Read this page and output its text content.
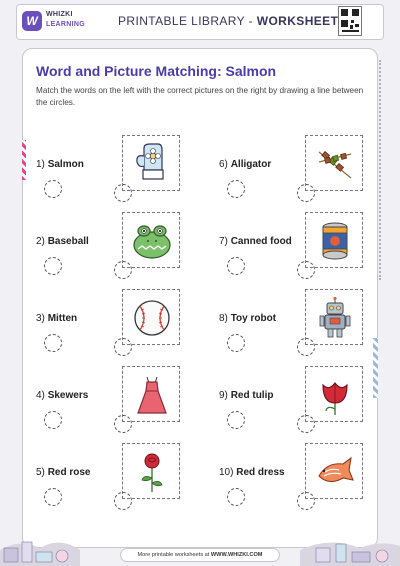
W	WHIZKI
LEARNING	PRINTABLE LIBRARY - WORKSHEET
Word and Picture Matching: Salmon
Match the words on the left with the correct pictures on the right by drawing a line between the circles.
1) Salmon
2) Baseball
3) Mitten
4) Skewers
5) Red rose
6) Alligator
7) Canned food
8) Toy robot
9) Red tulip
10) Red dress
More printable worksheets at WWW.WHIZKI.COM
